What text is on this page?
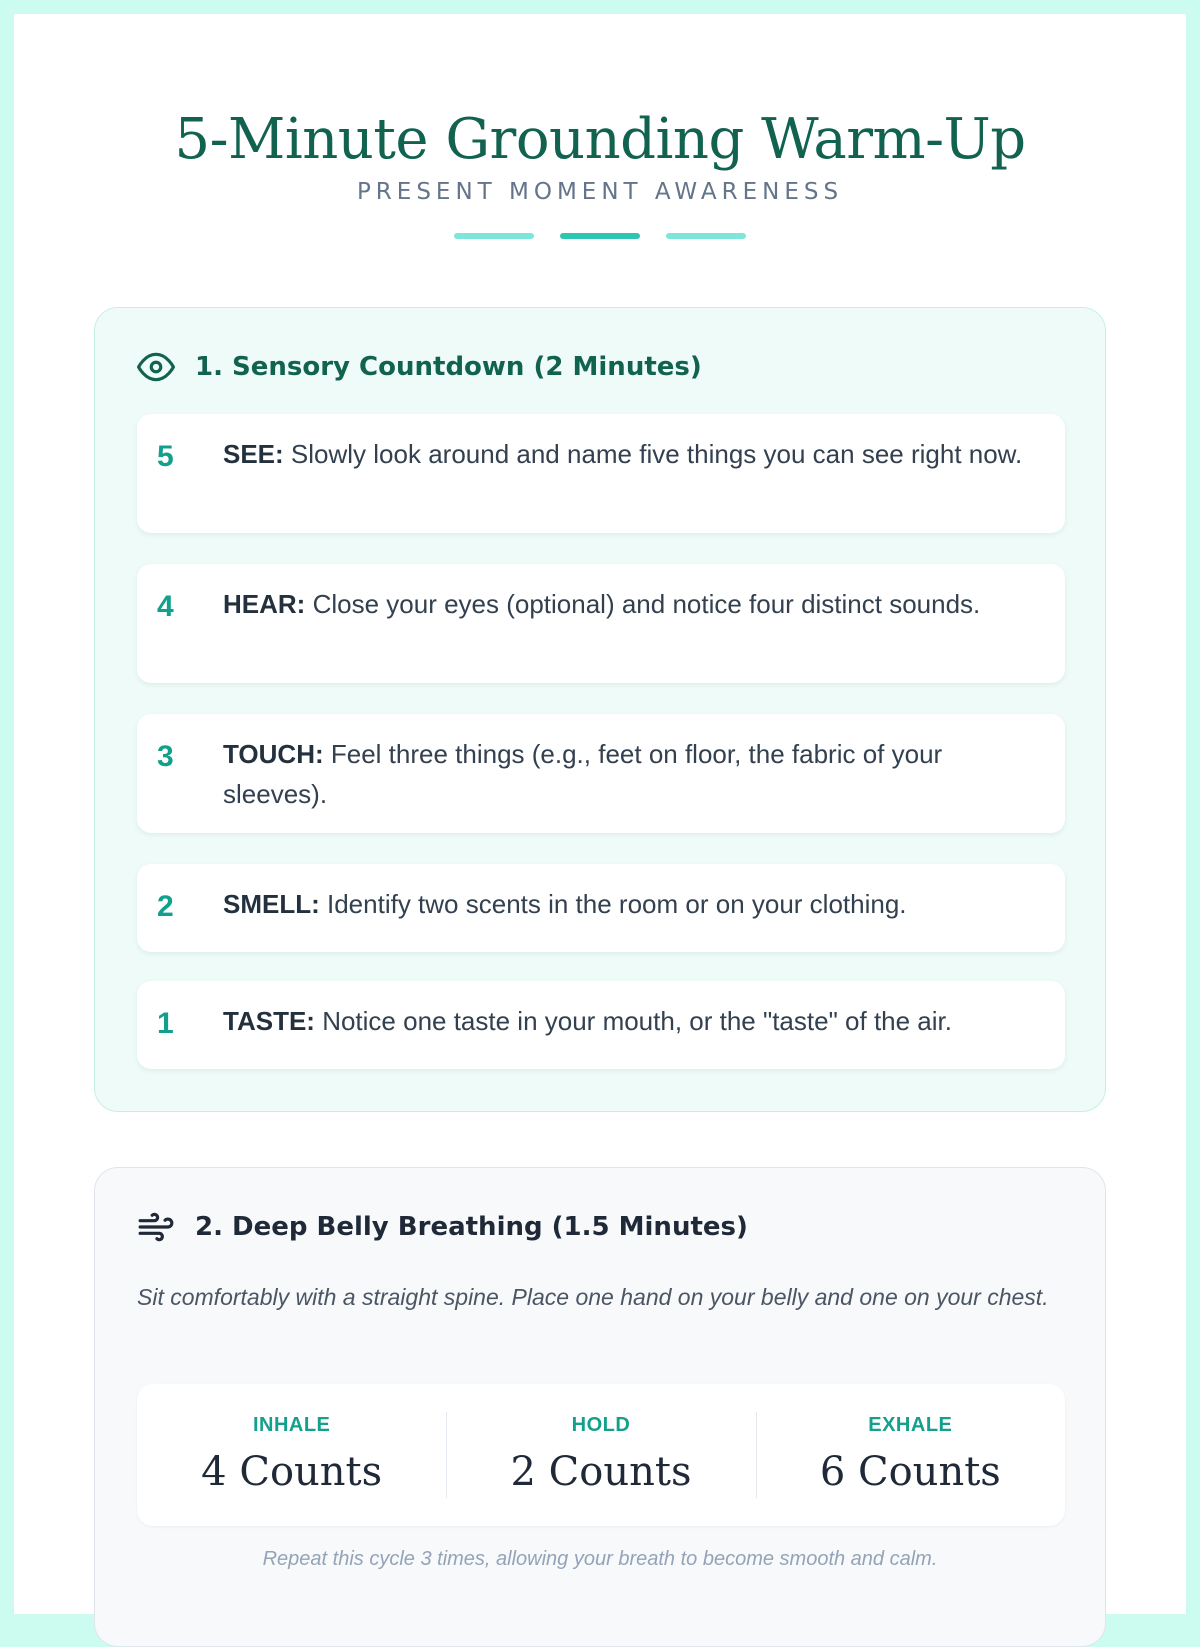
5-Minute Grounding Warm-Up
PRESENT MOMENT AWARENESS
1. Sensory Countdown (2 Minutes)
5 SEE: Slowly look around and name five things you can see right now.
4 HEAR: Close your eyes (optional) and notice four distinct sounds.
3 TOUCH: Feel three things (e.g., feet on floor, the fabric of your sleeves).
2 SMELL: Identify two scents in the room or on your clothing.
1 TASTE: Notice one taste in your mouth, or the "taste" of the air.
2. Deep Belly Breathing (1.5 Minutes)

Sit comfortably with a straight spine. Place one hand on your belly and one on your chest.

INHALE
4 Counts
HOLD
2 Counts
EXHALE
6 Counts

Repeat this cycle 3 times, allowing your breath to become smooth and calm.
